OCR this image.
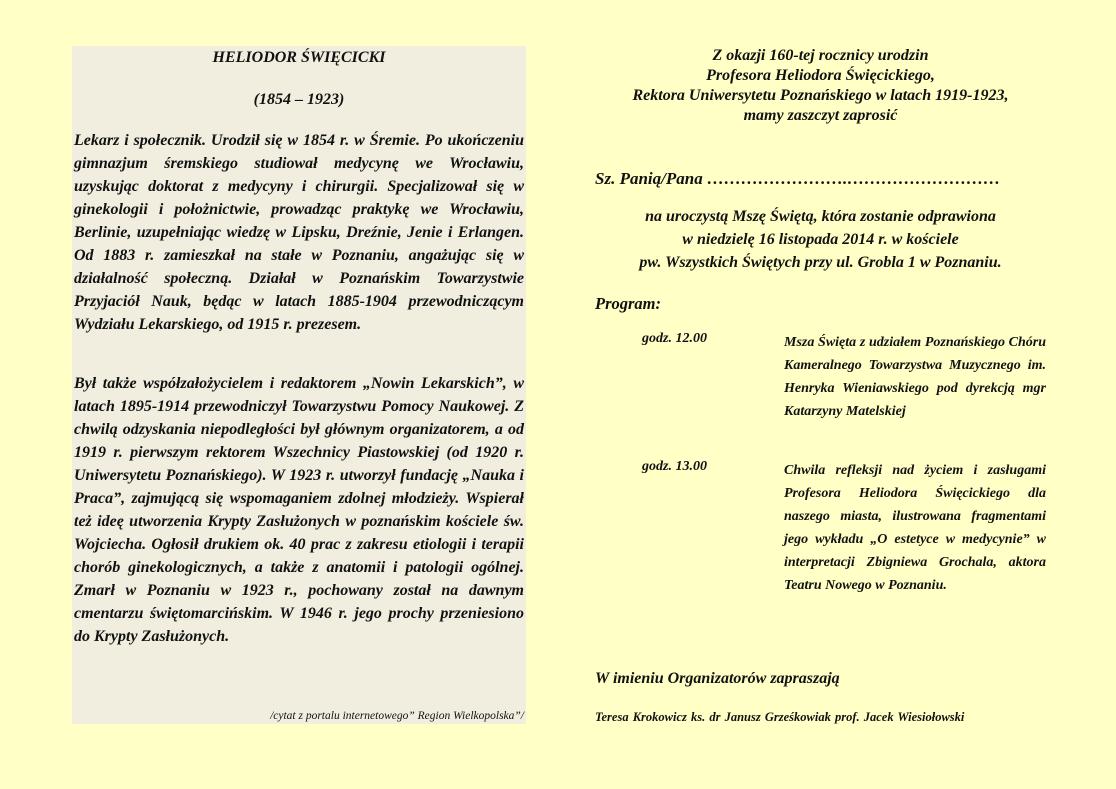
HELIODOR ŚWIĘCICKI

(1854 – 1923)

Lekarz i społecznik. Urodził się w 1854 r. w Śremie. Po ukończeniu gimnazjum śremskiego studiował medycynę we Wrocławiu, uzyskując doktorat z medycyny i chirurgii. Specjalizował się w ginekologii i położnictwie, prowadząc praktykę we Wrocławiu, Berlinie, uzupełniając wiedzę w Lipsku, Dreźnie, Jenie i Erlangen. Od 1883 r. zamieszkał na stałe w Poznaniu, angażując się w działalność społeczną. Działał w Poznańskim Towarzystwie Przyjaciół Nauk, będąc w latach 1885-1904 przewodniczącym Wydziału Lekarskiego, od 1915 r. prezesem.

Był także współzałożycielem i redaktorem „Nowin Lekarskich”, w latach 1895-1914 przewodniczył Towarzystwu Pomocy Naukowej. Z chwilą odzyskania niepodległości był głównym organizatorem, a od 1919 r. pierwszym rektorem Wszechnicy Piastowskiej (od 1920 r. Uniwersytetu Poznańskiego). W 1923 r. utworzył fundację „Nauka i Praca”, zajmującą się wspomaganiem zdolnej młodzieży. Wspierał też ideę utworzenia Krypty Zasłużonych w poznańskim kościele św. Wojciecha. Ogłosił drukiem ok. 40 prac z zakresu etiologii i terapii chorób ginekologicznych, a także z anatomii i patologii ogólnej. Zmarł w Poznaniu w 1923 r., pochowany został na dawnym cmentarzu świętomarcińskim. W 1946 r. jego prochy przeniesiono do Krypty Zasłużonych.

/cytat z portalu internetowego” Region Wielkopolska”/

Z okazji 160-tej rocznicy urodzin
Profesora Heliodora Święcickiego,
Rektora Uniwersytetu Poznańskiego w latach 1919-1923,
mamy zaszczyt zaprosić
Sz. Panią/Pana …………………….………………………
na uroczystą Mszę Świętą, która zostanie odprawiona
w niedzielę 16 listopada 2014 r. w kościele
pw. Wszystkich Świętych przy ul. Grobla 1 w Poznaniu.
Program:
godz. 12.00	Msza Święta z udziałem Poznańskiego Chóru Kameralnego Towarzystwa Muzycznego im. Henryka Wieniawskiego pod dyrekcją mgr Katarzyny Matelskiej

godz. 13.00	Chwila refleksji nad życiem i zasługami Profesora Heliodora Święcickiego dla naszego miasta, ilustrowana fragmentami jego wykładu „O estetyce w medycynie” w interpretacji Zbigniewa Grochala, aktora Teatru Nowego w Poznaniu.

W imieniu Organizatorów zapraszają
Teresa Krokowicz ks. dr Janusz Grześkowiak prof. Jacek Wiesiołowski
